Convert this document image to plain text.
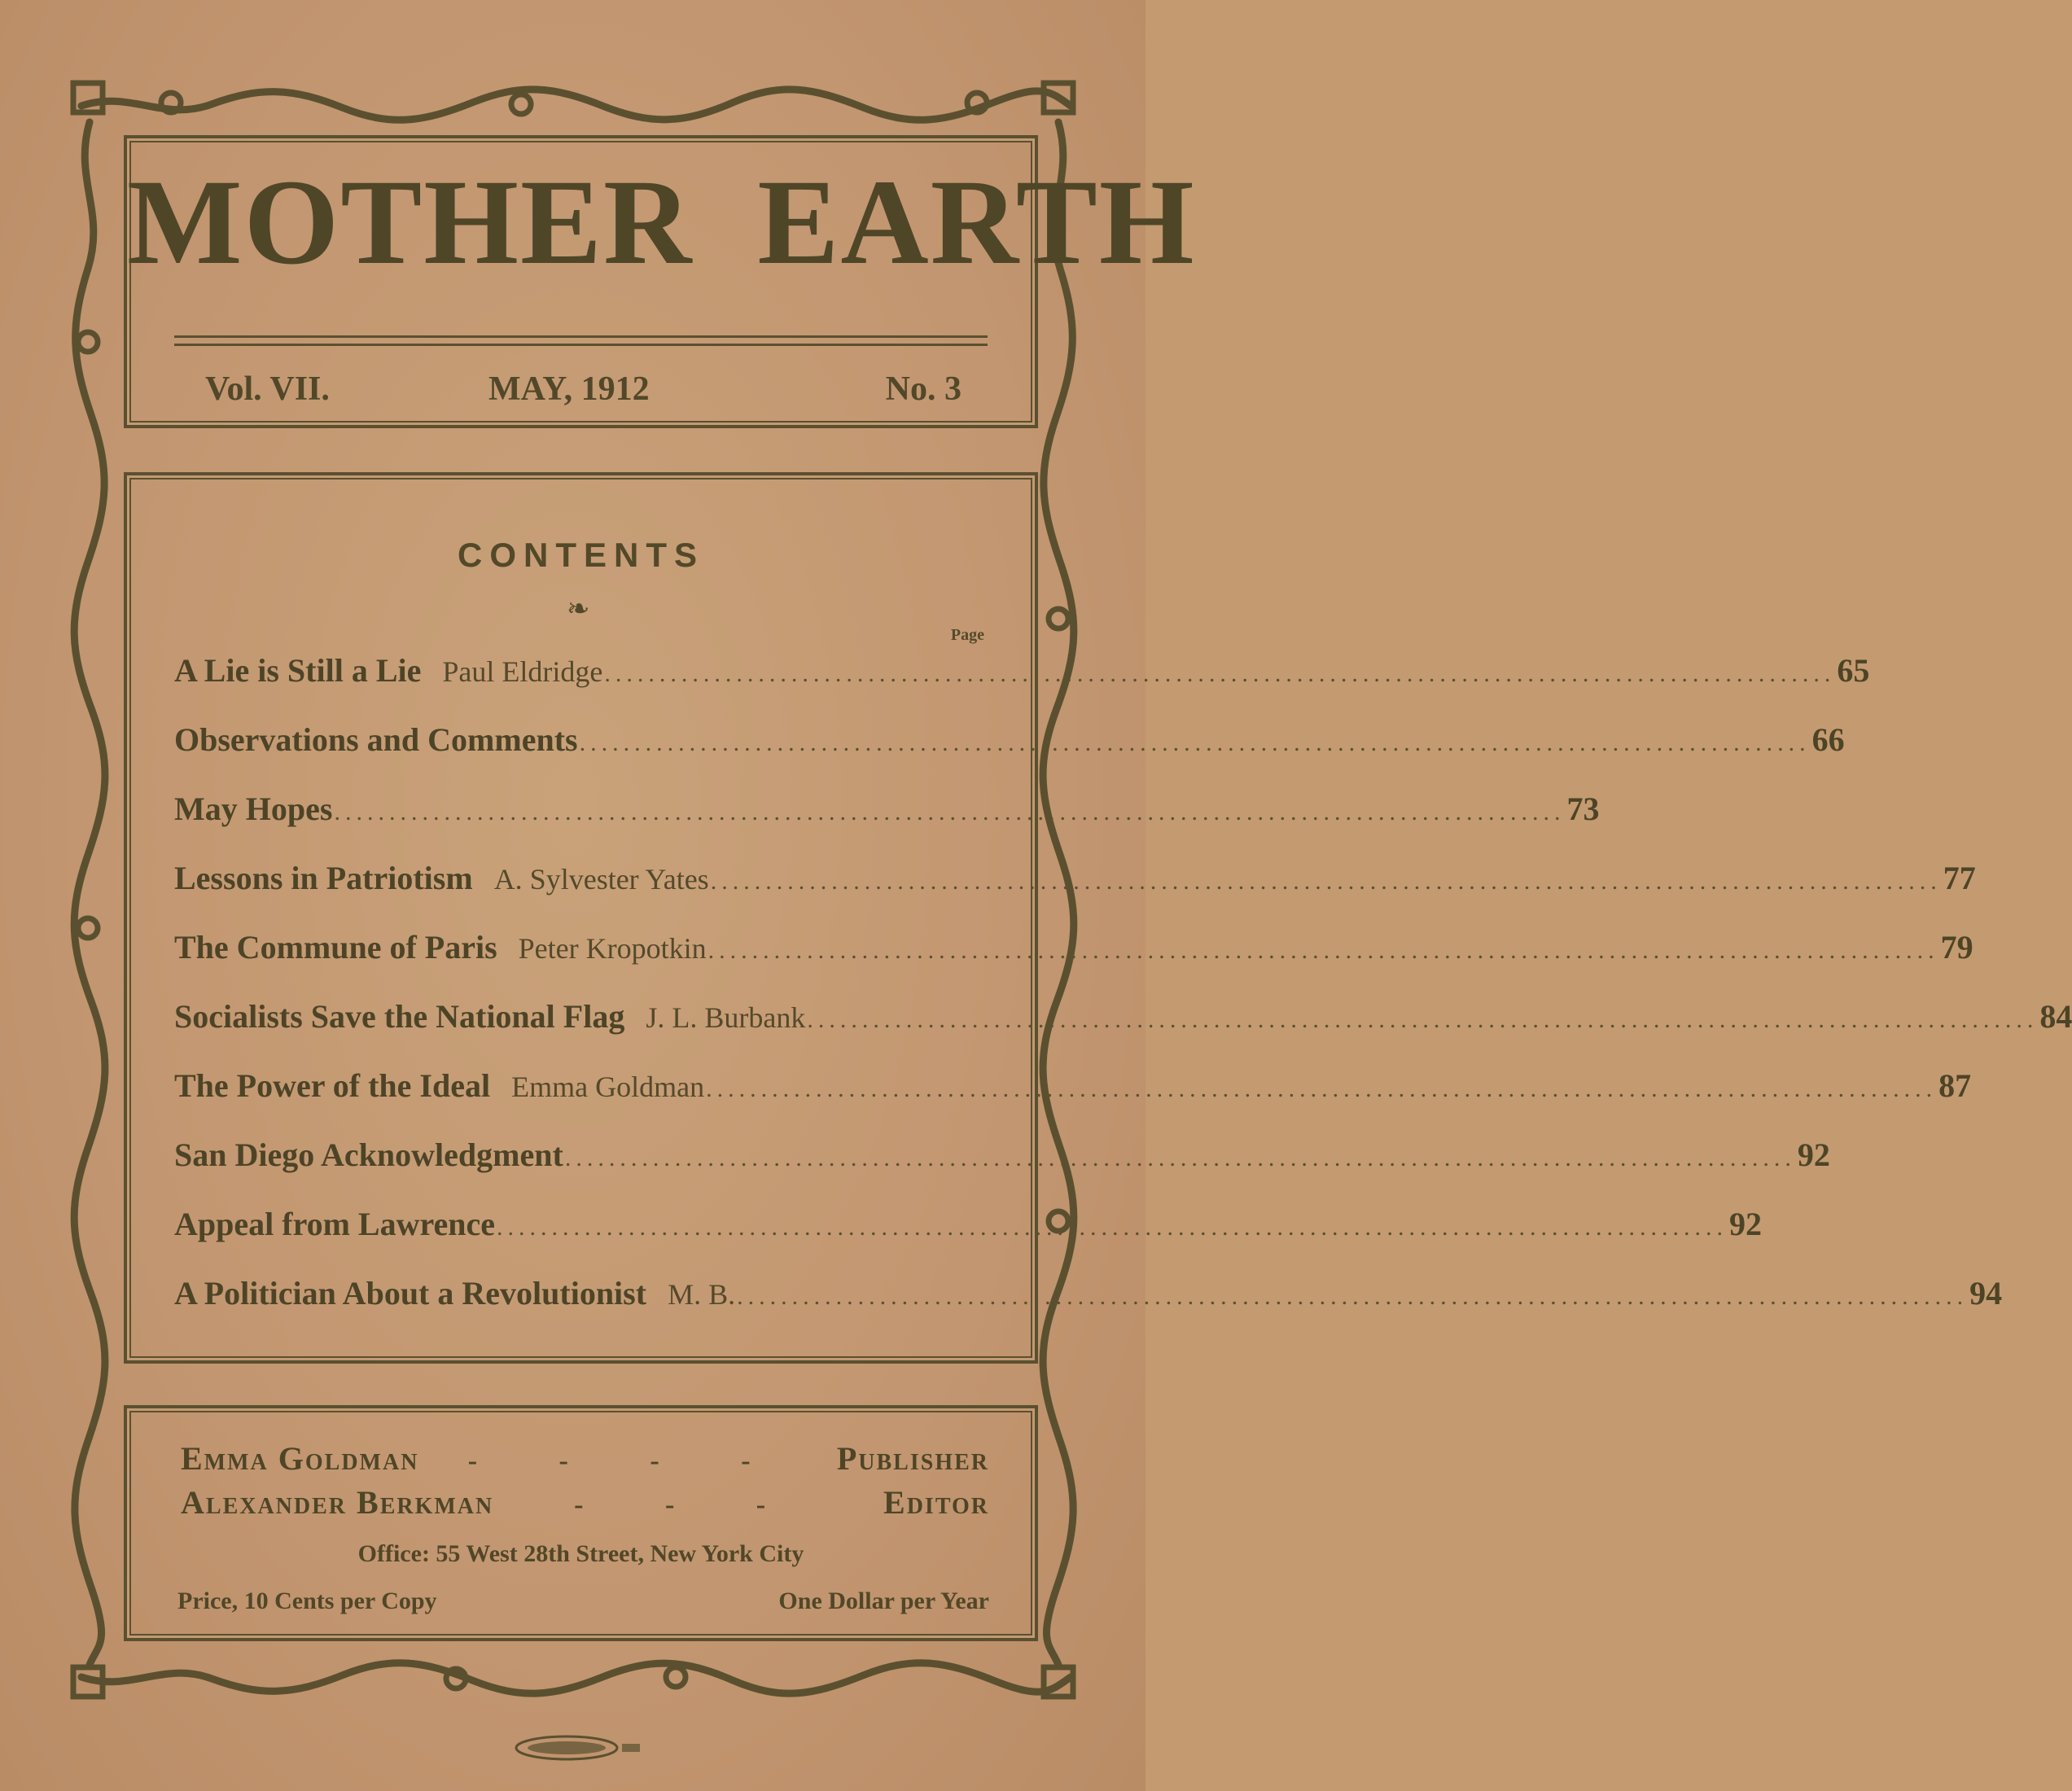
MOTHER EARTH
Vol. VII.	MAY, 1912	No. 3
CONTENTS
❧
Page
A Lie is Still a Lie Paul Eldridge .....	65
Observations and Comments .....	66
May Hopes .....	73
Lessons in Patriotism A. Sylvester Yates .....	77
The Commune of Paris Peter Kropotkin .....	79
Socialists Save the National Flag J. L. Burbank .....	84
The Power of the Ideal Emma Goldman .....	87
San Diego Acknowledgment .....	92
Appeal from Lawrence .....	92
A Politician About a Revolutionist M. B. .....	94
Emma Goldman	- - - -	Publisher
Alexander Berkman	- - -	Editor
Office: 55 West 28th Street, New York City
Price, 10 Cents per Copy	One Dollar per Year
